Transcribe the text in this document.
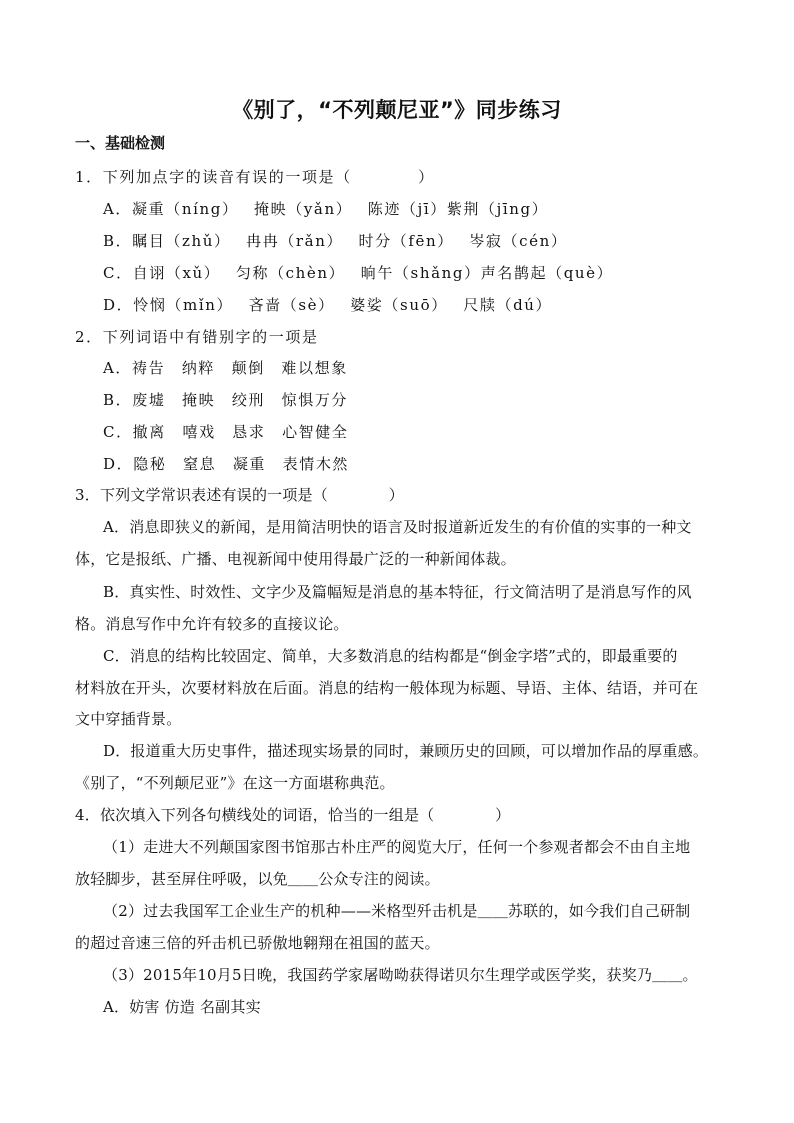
《别了，“不列颠尼亚”》同步练习
一、基础检测
1．下列加点字的读音有误的一项是（　　　　）
A．凝重（níng）　 掩映（yǎn）　 陈迹（jī）紫荆（jīng）
B．瞩目（zhǔ）　 冉冉（rǎn）　 时分（fēn）　 岑寂（cén）
C．自诩（xǔ）　 匀称（chèn）　 晌午（shǎng）声名鹊起（què）
D．怜悯（mǐn）　 吝啬（sè）　 婆娑（suō）　 尺牍（dú）
2．下列词语中有错别字的一项是
A．祷告　纳粹　颠倒　难以想象
B．废墟　掩映　绞刑　惊惧万分
C．撤离　嘻戏　恳求　心智健全
D．隐秘　窒息　凝重　表情木然
3．下列文学常识表述有误的一项是（　　　　）
A．消息即狭义的新闻，是用简洁明快的语言及时报道新近发生的有价值的实事的一种文
体，它是报纸、广播、电视新闻中使用得最广泛的一种新闻体裁。
B．真实性、时效性、文字少及篇幅短是消息的基本特征，行文简洁明了是消息写作的风
格。消息写作中允许有较多的直接议论。
C．消息的结构比较固定、简单，大多数消息的结构都是“倒金字塔”式的，即最重要的
材料放在开头，次要材料放在后面。消息的结构一般体现为标题、导语、主体、结语，并可在
文中穿插背景。
D．报道重大历史事件，描述现实场景的同时，兼顾历史的回顾，可以增加作品的厚重感。
《别了，“不列颠尼亚”》在这一方面堪称典范。
4．依次填入下列各句横线处的词语，恰当的一组是（　　　　）
（1）走进大不列颠国家图书馆那古朴庄严的阅览大厅，任何一个参观者都会不由自主地
放轻脚步，甚至屏住呼吸，以免＿＿公众专注的阅读。
（2）过去我国军工企业生产的机种——米格型歼击机是＿＿苏联的，如今我们自己研制
的超过音速三倍的歼击机已骄傲地翱翔在祖国的蓝天。
（3）2015年10月5日晚，我国药学家屠呦呦获得诺贝尔生理学或医学奖，获奖乃＿＿。
A．妨害 仿造 名副其实
